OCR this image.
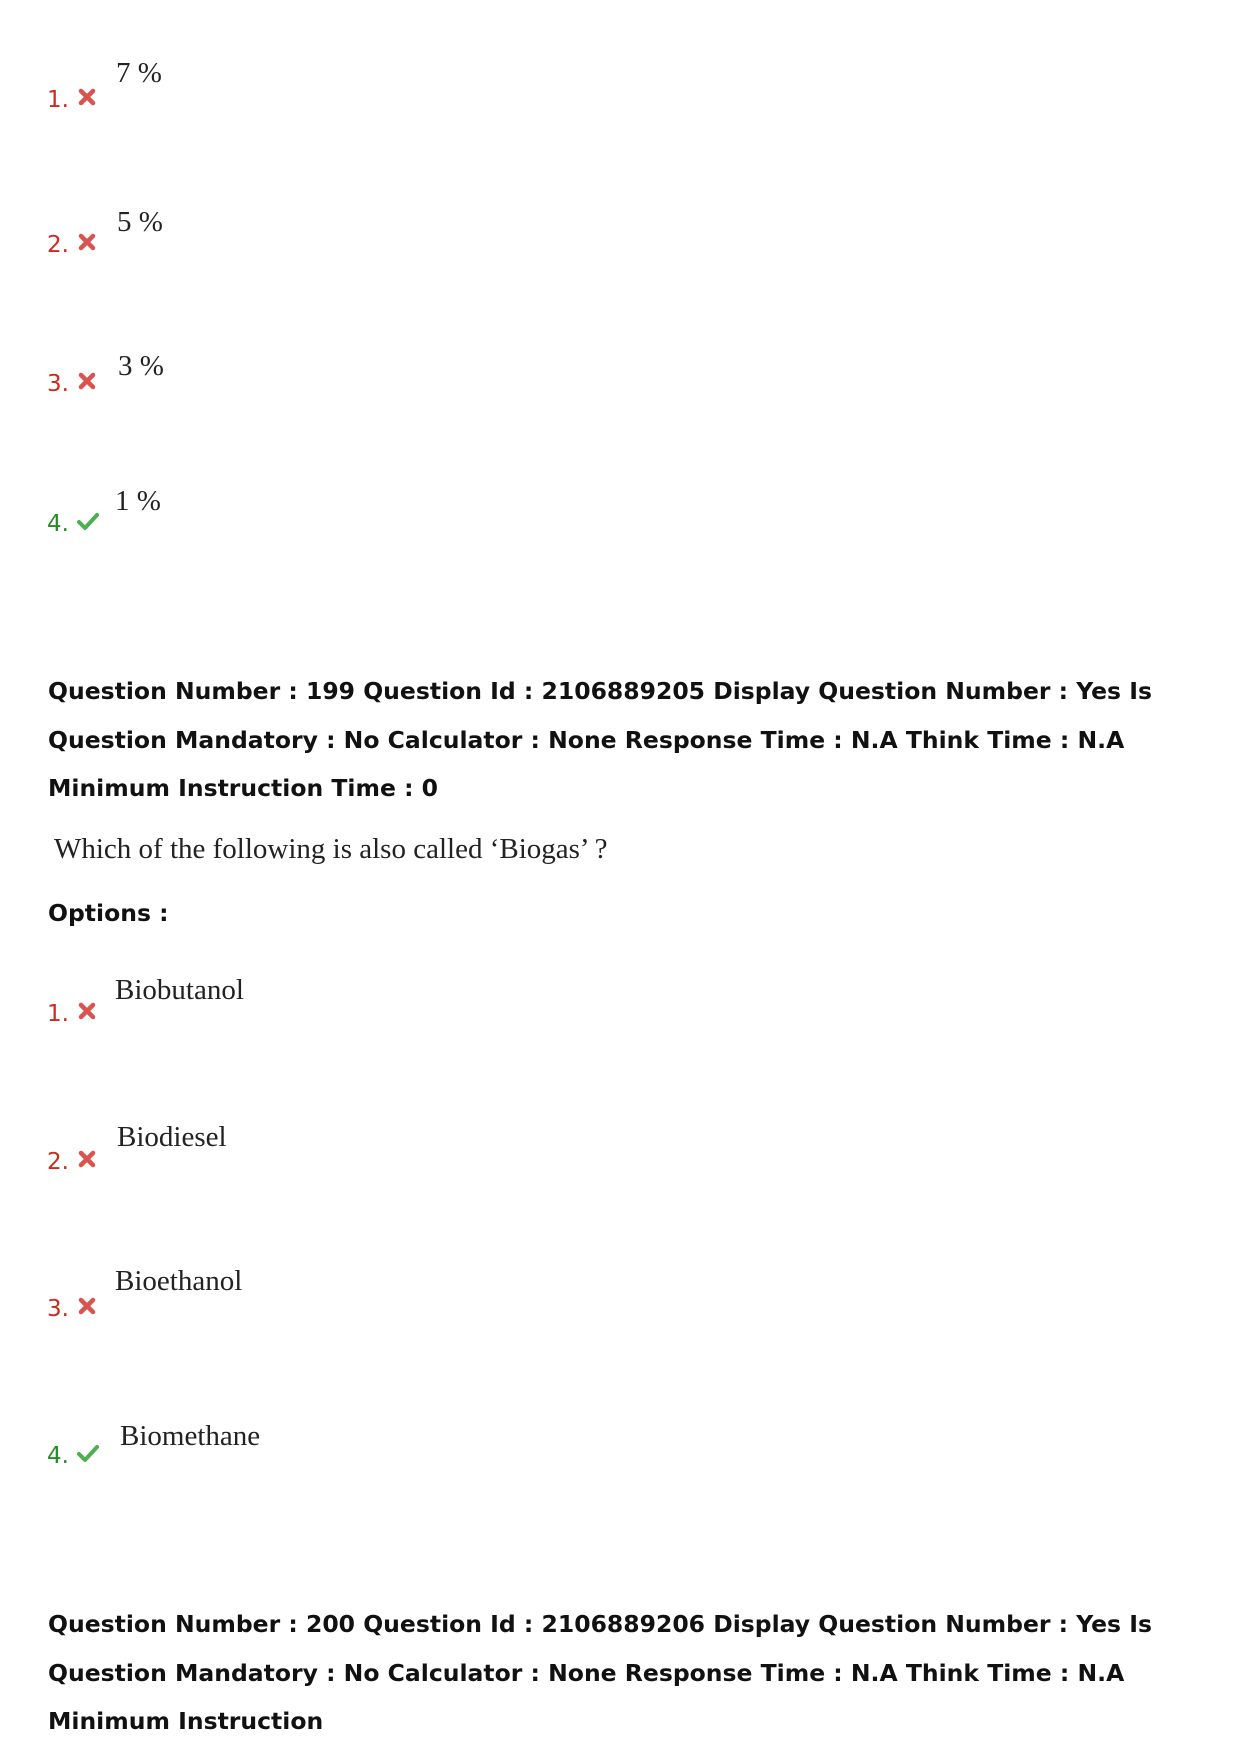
1.
7 %
2.
5 %
3.
3 %
4.
1 %
Question Number : 199 Question Id : 2106889205 Display Question Number : Yes Is Question Mandatory : No Calculator : None Response Time : N.A Think Time : N.A Minimum Instruction Time : 0
Which of the following is also called ‘Biogas’ ?
Options :
1.
Biobutanol
2.
Biodiesel
3.
Bioethanol
4.
Biomethane
Question Number : 200 Question Id : 2106889206 Display Question Number : Yes Is Question Mandatory : No Calculator : None Response Time : N.A Think Time : N.A Minimum Instruction
